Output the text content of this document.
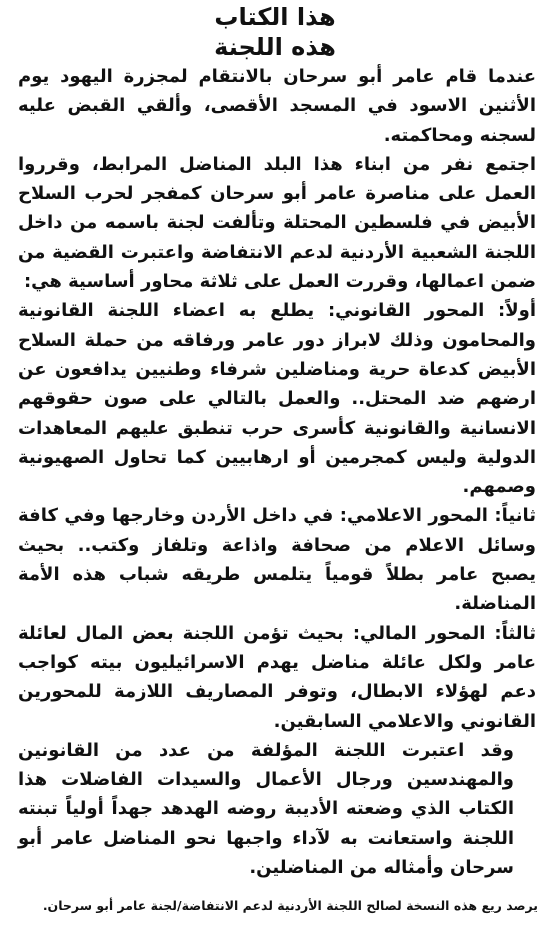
هذا الكتاب
هذه اللجنة

عندما قام عامر أبو سرحان بالانتقام لمجزرة اليهود يوم الأثنين الاسود في المسجد الأقصى، وألقي القبض عليه لسجنه ومحاكمته.

اجتمع نفر من ابناء هذا البلد المناضل المرابط، وقرروا العمل على مناصرة عامر أبو سرحان كمفجر لحرب السلاح الأبيض في فلسطين المحتلة وتألفت لجنة باسمه من داخل اللجنة الشعبية الأردنية لدعم الانتفاضة واعتبرت القضية من ضمن اعمالها، وقررت العمل على ثلاثة محاور أساسية هي:

أولاً: المحور القانوني: يطلع به اعضاء اللجنة القانونية والمحامون وذلك لابراز دور عامر ورفاقه من حملة السلاح الأبيض كدعاة حرية ومناضلين شرفاء وطنيين يدافعون عن ارضهم ضد المحتل.. والعمل بالتالي على صون حقوقهم الانسانية والقانونية كأسرى حرب تنطبق عليهم المعاهدات الدولية وليس كمجرمين أو ارهابيين كما تحاول الصهيونية وصمهم.

ثانياً: المحور الاعلامي: في داخل الأردن وخارجها وفي كافة وسائل الاعلام من صحافة واذاعة وتلفاز وكتب.. بحيث يصبح عامر بطلاً قومياً يتلمس طريقه شباب هذه الأمة المناضلة.

ثالثاً: المحور المالي: بحيث تؤمن اللجنة بعض المال لعائلة عامر ولكل عائلة مناضل يهدم الاسرائيليون بيته كواجب دعم لهؤلاء الابطال، وتوفر المصاريف اللازمة للمحورين القانوني والاعلامي السابقين.

وقد اعتبرت اللجنة المؤلفة من عدد من القانونين والمهندسين ورجال الأعمال والسيدات الفاضلات هذا الكتاب الذي وضعته الأديبة روضه الهدهد جهداً أولياً تبنته اللجنة واستعانت به لآداء واجبها نحو المناضل عامر أبو سرحان وأمثاله من المناضلين.

يرصد ريع هذه النسخة لصالح اللجنة الأردنية لدعم الانتفاضة/لجنة عامر أبو سرحان.
